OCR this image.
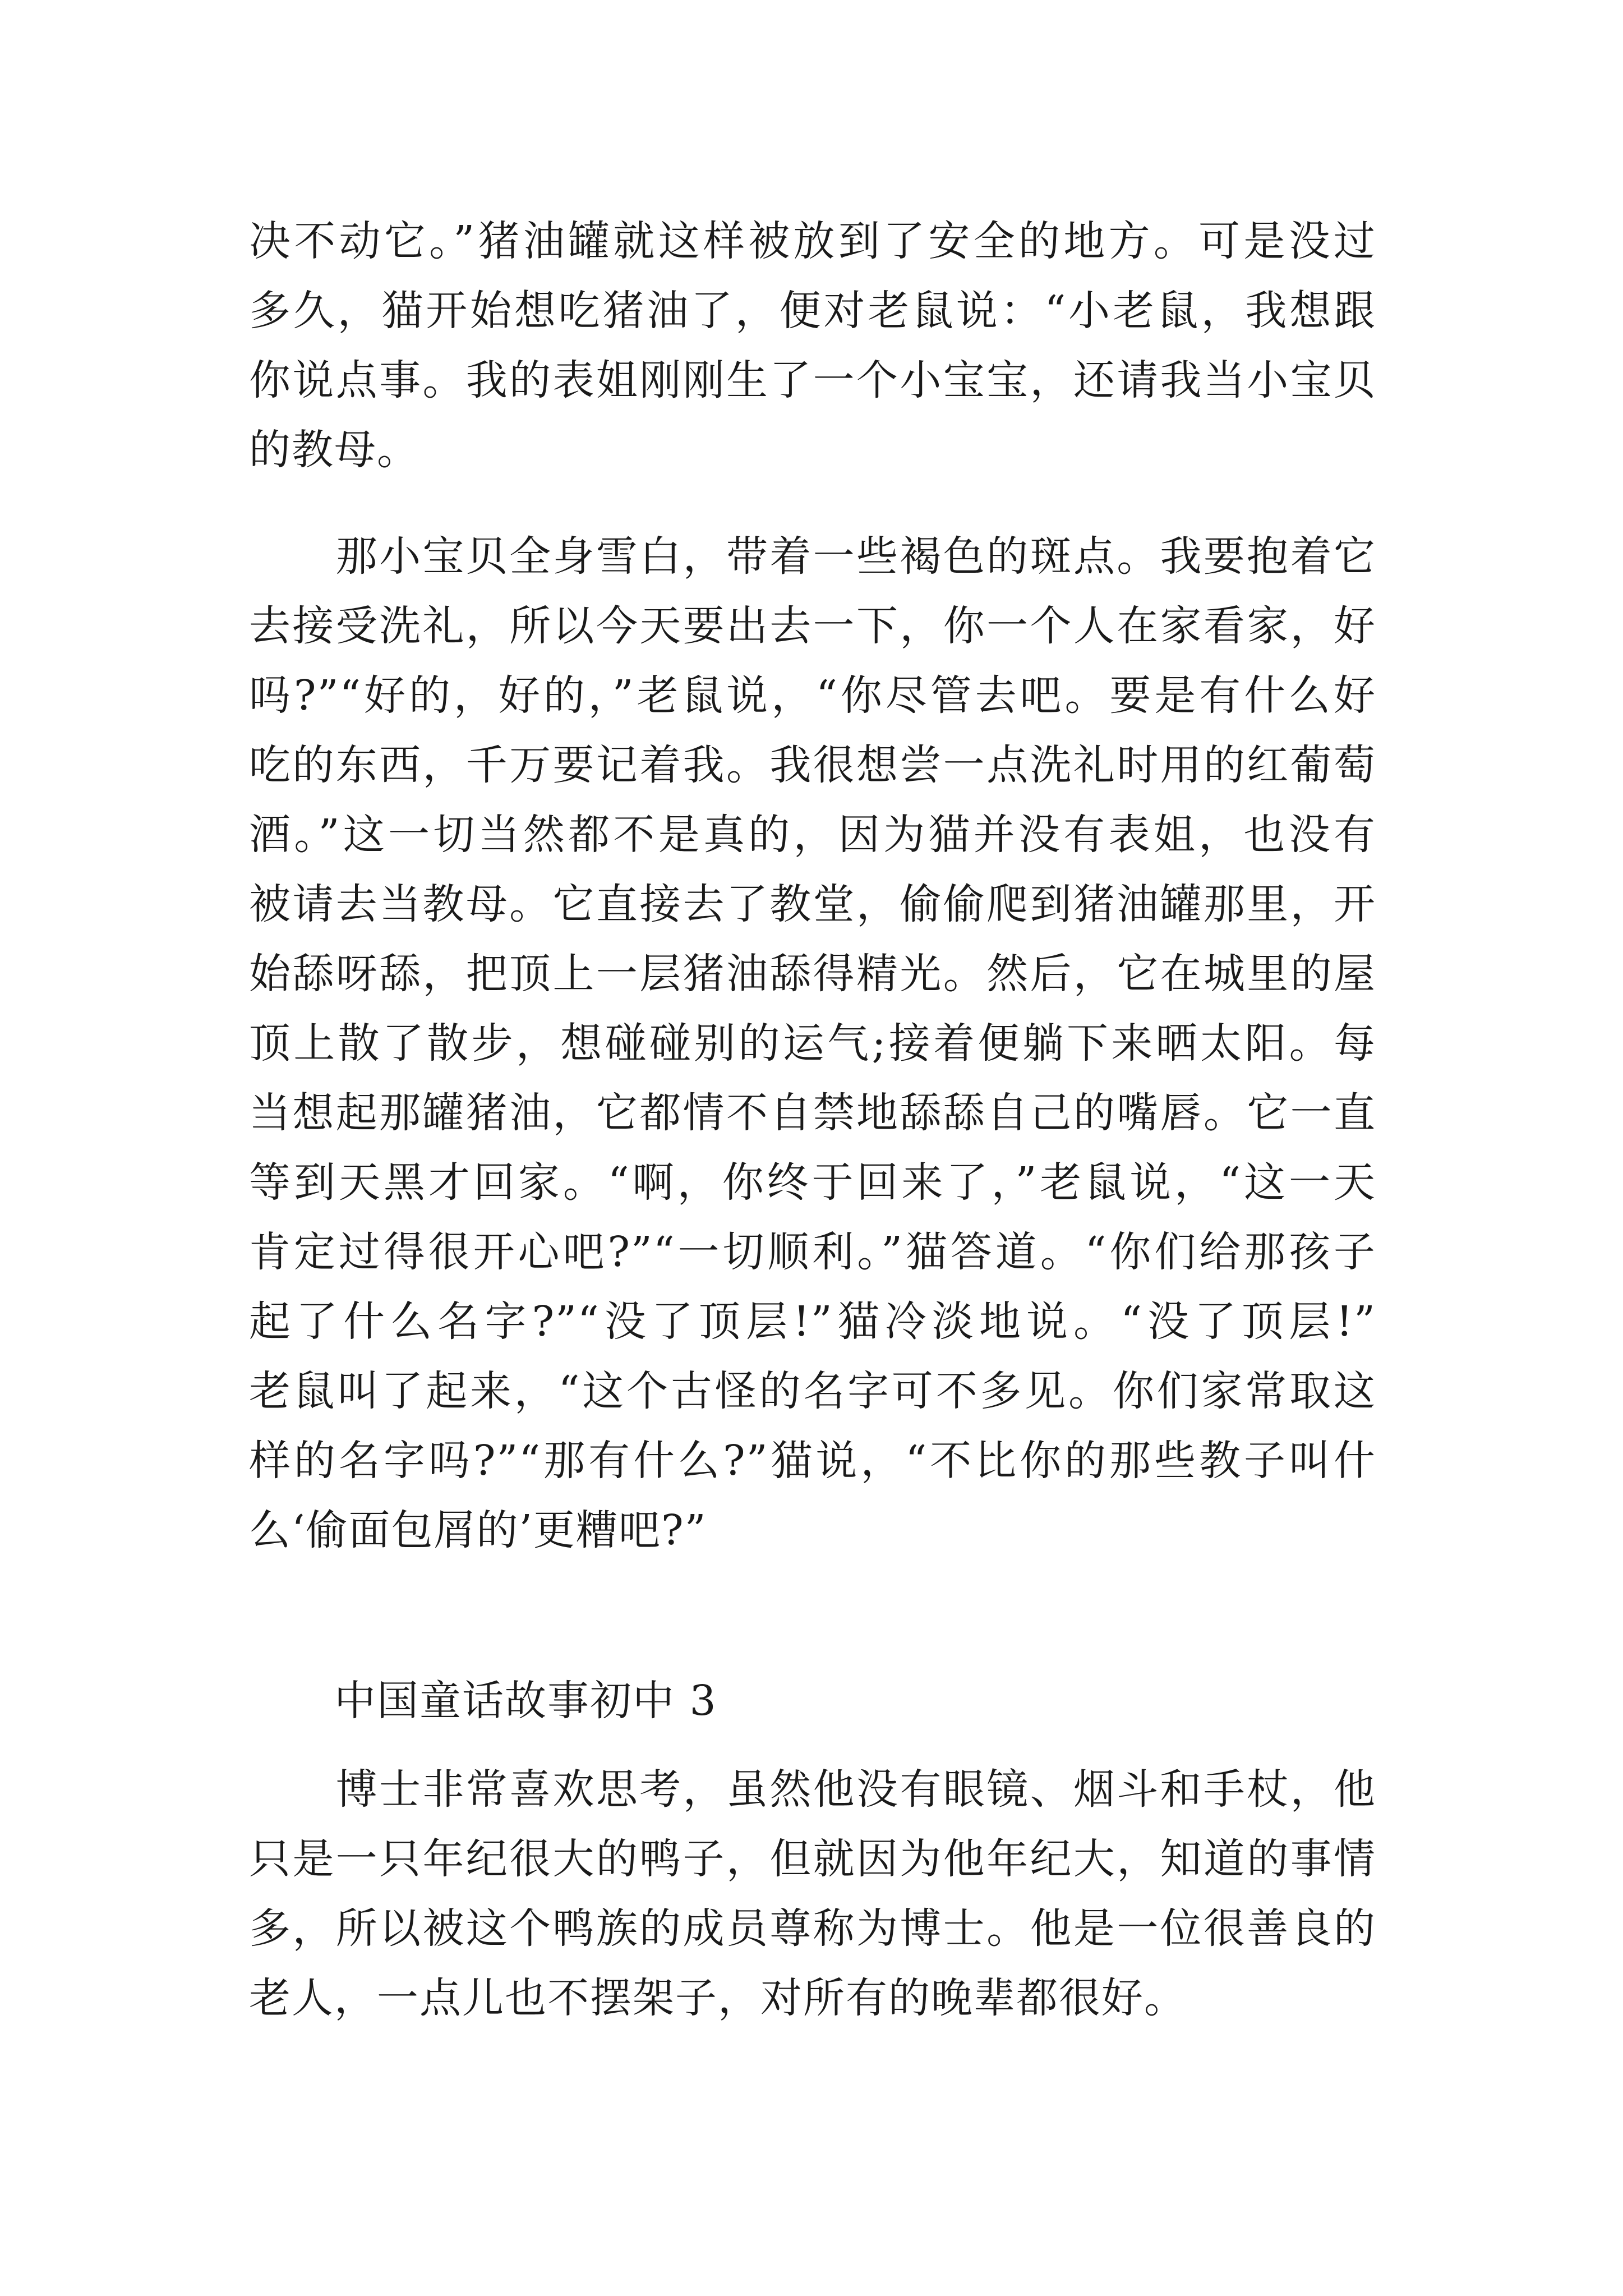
决不动它。”猪油罐就这样被放到了安全的地方。可是没过
多久，猫开始想吃猪油了，便对老鼠说：“小老鼠，我想跟
你说点事。我的表姐刚刚生了一个小宝宝，还请我当小宝贝
的教母。
　　那小宝贝全身雪白，带着一些褐色的斑点。我要抱着它
去接受洗礼，所以今天要出去一下，你一个人在家看家，好
吗?”“好的，好的，”老鼠说，“你尽管去吧。要是有什么好
吃的东西，千万要记着我。我很想尝一点洗礼时用的红葡萄
酒。”这一切当然都不是真的，因为猫并没有表姐，也没有
被请去当教母。它直接去了教堂，偷偷爬到猪油罐那里，开
始舔呀舔，把顶上一层猪油舔得精光。然后，它在城里的屋
顶上散了散步，想碰碰别的运气;接着便躺下来晒太阳。每
当想起那罐猪油，它都情不自禁地舔舔自己的嘴唇。它一直
等到天黑才回家。“啊，你终于回来了，”老鼠说，“这一天
肯定过得很开心吧?”“一切顺利。”猫答道。“你们给那孩子
起了什么名字?”“没了顶层!”猫冷淡地说。“没了顶层!”
老鼠叫了起来，“这个古怪的名字可不多见。你们家常取这
样的名字吗?”“那有什么?”猫说，“不比你的那些教子叫什
么‘偷面包屑的’更糟吧?”
　　中国童话故事初中 3
　　博士非常喜欢思考，虽然他没有眼镜、烟斗和手杖，他
只是一只年纪很大的鸭子，但就因为他年纪大，知道的事情
多，所以被这个鸭族的成员尊称为博士。他是一位很善良的
老人，一点儿也不摆架子，对所有的晚辈都很好。
